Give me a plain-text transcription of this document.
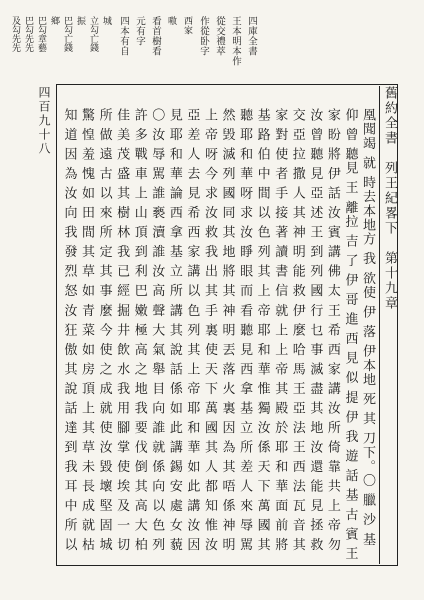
城
立勾亡錢
振
巴勾亡錢
鄉
巴勾章藝
巴勾先先
及勾先先	四庫全書
王本明本作
從交禮萃
作從卧字
西家
嗷
看首樹看
元有字
四本有自
舊約全書　列王紀畧下　第十九章
四百九十八	凰聞竭 就 時去本地方 我 欲使 伊 落 伊本地 死 其 刀下。〇 臘 沙 基
仰 曾 聽見 王 離拉 吉 了 伊 哥 進 西 見 似 提 伊 我 遊 話 基 古 賓 王
家 盼 將 伊 話 汝 賓 講 佛 太 王 希 西 家 講 汝 所 倚 靠 共 上 帝 勿
汝 曾 聽 見 亞 述 王 到 列 國 行 乜 事 滅 盡 其 地 汝 還 能 見 拯 救
交 亞 拉 撒 人 其 神 明 能 救 伊 麼 哈 馬 王 亞 法 王 西 法 瓦 音 其
家 對 使 者 手 接 著 讀 書 信 就 上 上 帝 其 殿 於 耶 和 華 面 前 將
基 路 伯 中 間 以 色 列 其 上 帝 耶 和 華 惟 獨 汝 係 天 下 萬 國 其
聽 耶 和 華 呀 求 汝 睜 眼 而 看 聽 見 西 拿 基 立 所 差 人 來 辱 駡
然 毁 滅 列 國 同 其 地 將 其 神 明 丟 落 火 裏 因 為 其 唔 係 神 明
上 帝 呀 今 求 汝 救 我 出 其 手 裏 使 天 下 萬 國 其 人 都 知 惟 汝
亞 差 人 去 見 希 西 家 講 以 色 列 其 上 帝 耶 和 華 如 此 講 汝 因
見 耶 和 華 論 西 拿 基 立 所 講 其 說 話 係 如 此 講 錫 安 處 女 藐
〇 汝 辱 駡 誰 褻 瀆 誰 汝 高 聲 大 氣 舉 目 向 誰 就 係 向 以 色 列
許 多 戰 車 上 山 頂 到 利 巴 嫩 極 高 之 地 我 要 伐 倒 其 高 大 柏
佳 美 茂 盛 其 樹 林 我 已 經 掘 井 飲 水 我 用 腳 掌 使 埃 及 一 切
所 做 遠 古 以 來 所 定 其 事 麼 今 使 之 成 就 使 汝 毀 壞 堅 固 城
驚 惶 羞 愧 如 田 間 其 草 如 青 菜 如 房 頂 上 其 草 未 長 成 就 枯
知 道 因 為 汝 向 我 發 烈 怒 汝 狂 傲 其 說 話 達 到 我 耳 中 所 以
